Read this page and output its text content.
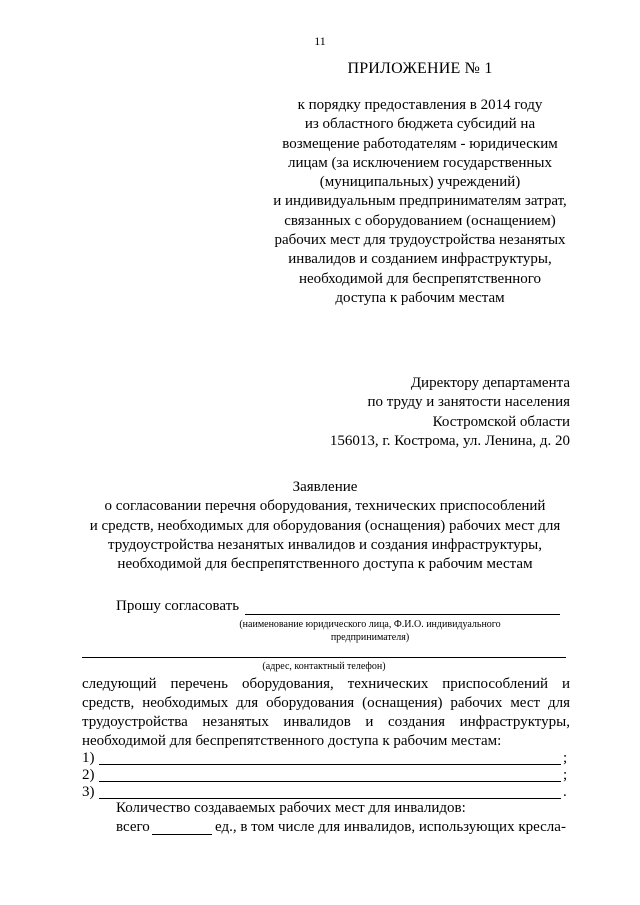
11
ПРИЛОЖЕНИЕ № 1
к порядку предоставления в 2014 году
из областного бюджета субсидий на
возмещение работодателям - юридическим
лицам (за исключением государственных
(муниципальных) учреждений)
и индивидуальным предпринимателям затрат,
связанных с оборудованием (оснащением)
рабочих мест для трудоустройства незанятых
инвалидов и созданием инфраструктуры,
необходимой для беспрепятственного
доступа к рабочим местам
Директору департамента
по труду и занятости населения
Костромской области
156013, г. Кострома, ул. Ленина, д. 20
Заявление
о согласовании перечня оборудования, технических приспособлений
и средств, необходимых для оборудования (оснащения) рабочих мест для
трудоустройства незанятых инвалидов и создания инфраструктуры,
необходимой для беспрепятственного доступа к рабочим местам
Прошу согласовать
(наименование юридического лица, Ф.И.О. индивидуального
предпринимателя)
(адрес, контактный телефон)
следующий перечень оборудования, технических приспособлений и
средств, необходимых для оборудования (оснащения) рабочих мест для
трудоустройства незанятых инвалидов и создания инфраструктуры,
необходимой для беспрепятственного доступа к рабочим местам:
1)	;
2)	;
3)	.
Количество создаваемых рабочих мест для инвалидов:
всего	ед., в том числе для инвалидов, использующих кресла-
